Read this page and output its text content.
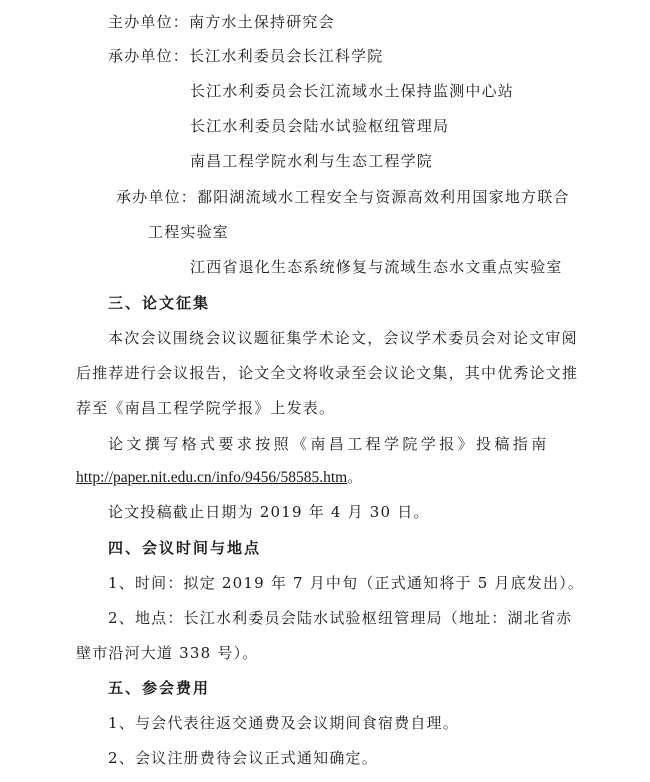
主办单位：南方水土保持研究会
承办单位：长江水利委员会长江科学院
长江水利委员会长江流域水土保持监测中心站
长江水利委员会陆水试验枢纽管理局
南昌工程学院水利与生态工程学院
承办单位：鄱阳湖流域水工程安全与资源高效利用国家地方联合
工程实验室
江西省退化生态系统修复与流域生态水文重点实验室
三、论文征集
本次会议围绕会议议题征集学术论文，会议学术委员会对论文审阅
后推荐进行会议报告，论文全文将收录至会议论文集，其中优秀论文推
荐至《南昌工程学院学报》上发表。
论文撰写格式要求按照《南昌工程学院学报》投稿指南
http://paper.nit.edu.cn/info/9456/58585.htm。
论文投稿截止日期为 2019 年 4 月 30 日。
四、会议时间与地点
1、时间：拟定 2019 年 7 月中旬（正式通知将于 5 月底发出）。
2、地点：长江水利委员会陆水试验枢纽管理局（地址：湖北省赤
壁市沿河大道 338 号）。
五、参会费用
1、与会代表往返交通费及会议期间食宿费自理。
2、会议注册费待会议正式通知确定。
